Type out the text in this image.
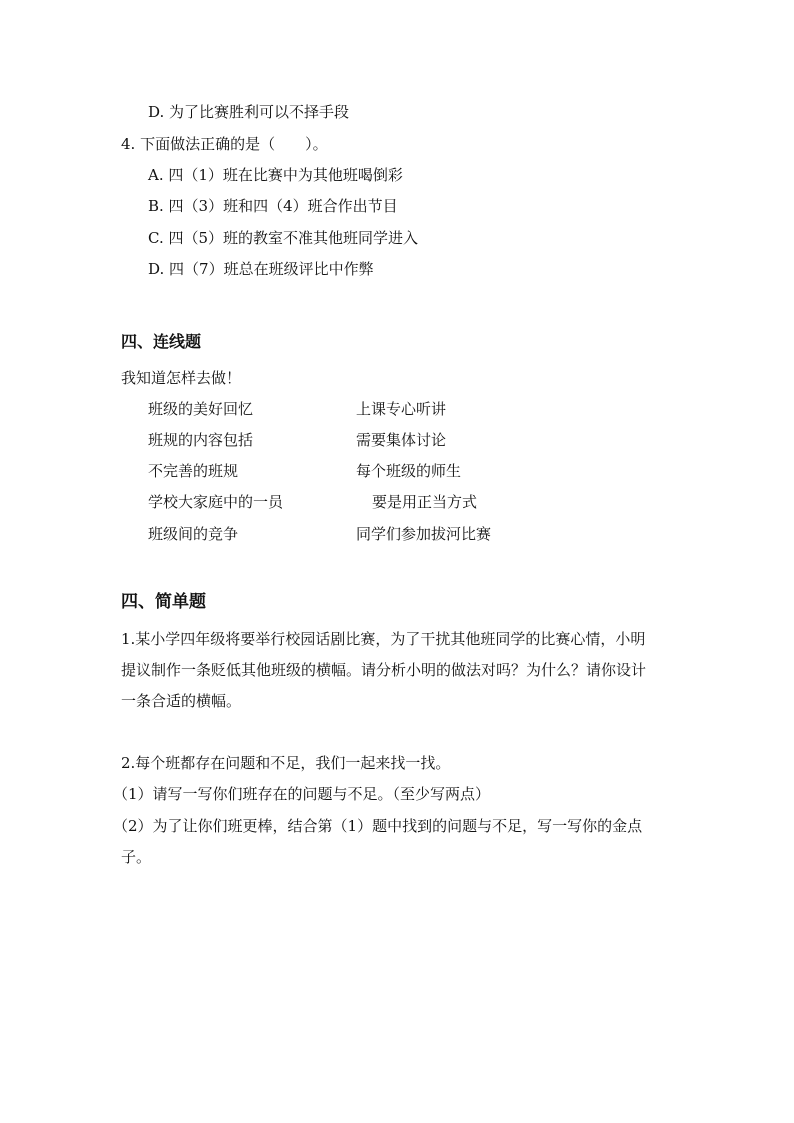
D. 为了比赛胜利可以不择手段
4. 下面做法正确的是（　　）。
A. 四（1）班在比赛中为其他班喝倒彩
B. 四（3）班和四（4）班合作出节目
C. 四（5）班的教室不准其他班同学进入
D. 四（7）班总在班级评比中作弊
四、连线题
我知道怎样去做！
班级的美好回忆
班规的内容包括
不完善的班规
学校大家庭中的一员
班级间的竞争
上课专心听讲
需要集体讨论
每个班级的师生
要是用正当方式
同学们参加拔河比赛
四、简单题
1.某小学四年级将要举行校园话剧比赛，为了干扰其他班同学的比赛心情，小明
提议制作一条贬低其他班级的横幅。请分析小明的做法对吗？为什么？请你设计
一条合适的横幅。
2.每个班都存在问题和不足，我们一起来找一找。
（1）请写一写你们班存在的问题与不足。（至少写两点）
（2）为了让你们班更棒，结合第（1）题中找到的问题与不足，写一写你的金点
子。
